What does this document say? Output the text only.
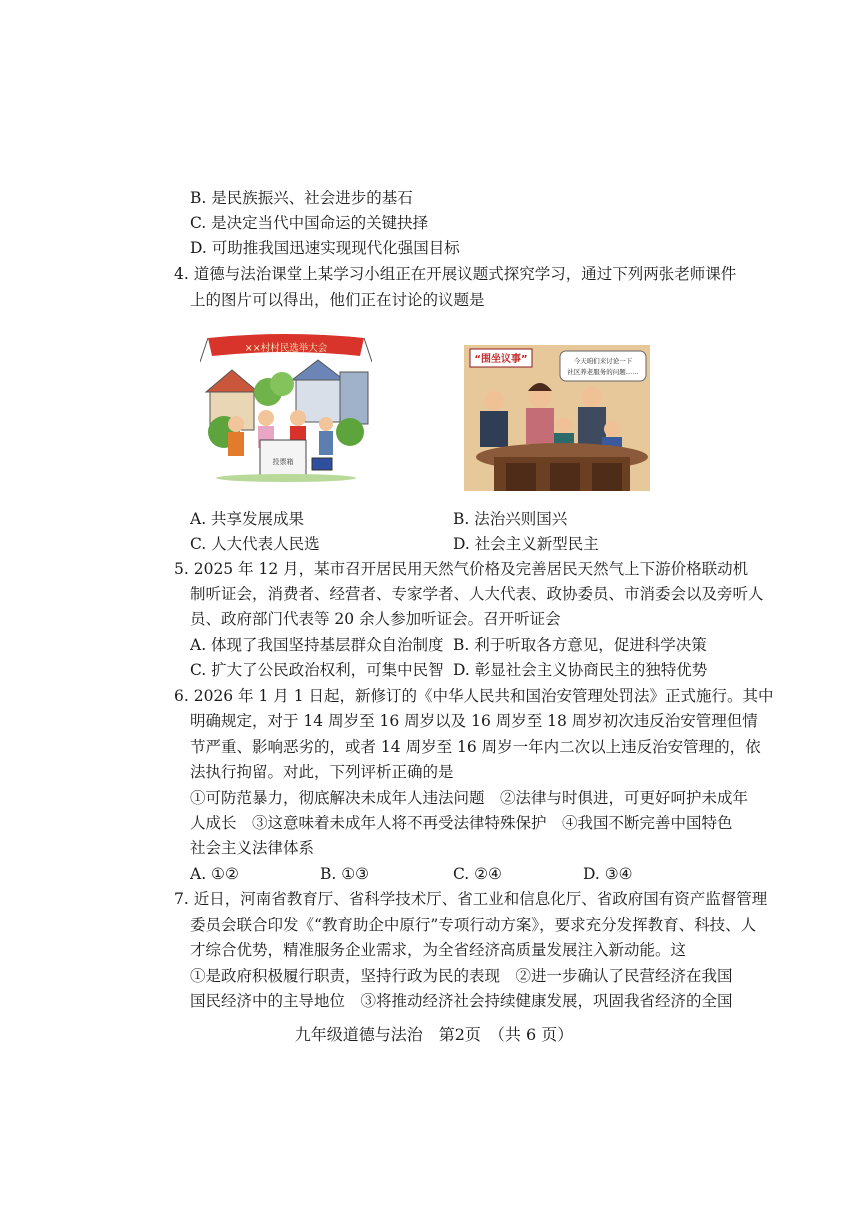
B. 是民族振兴、社会进步的基石
C. 是决定当代中国命运的关键抉择
D. 可助推我国迅速实现现代化强国目标
4. 道德与法治课堂上某学习小组正在开展议题式探究学习，通过下列两张老师课件
上的图片可以得出，他们正在讨论的议题是
××村村民选举大会
投票箱
“围坐议事”	今天咱们来讨论一下
社区养老服务的问题……
A. 共享发展成果	B. 法治兴则国兴
C. 人大代表人民选	D. 社会主义新型民主
5. 2025 年 12 月，某市召开居民用天然气价格及完善居民天然气上下游价格联动机
制听证会，消费者、经营者、专家学者、人大代表、政协委员、市消委会以及旁听人
员、政府部门代表等 20 余人参加听证会。召开听证会
A. 体现了我国坚持基层群众自治制度 B. 利于听取各方意见，促进科学决策
C. 扩大了公民政治权利，可集中民智 D. 彰显社会主义协商民主的独特优势
6. 2026 年 1 月 1 日起，新修订的《中华人民共和国治安管理处罚法》正式施行。其中
明确规定，对于 14 周岁至 16 周岁以及 16 周岁至 18 周岁初次违反治安管理但情
节严重、影响恶劣的，或者 14 周岁至 16 周岁一年内二次以上违反治安管理的，依
法执行拘留。对此，下列评析正确的是
①可防范暴力，彻底解决未成年人违法问题　②法律与时俱进，可更好呵护未成年
人成长　③这意味着未成年人将不再受法律特殊保护　④我国不断完善中国特色
社会主义法律体系
A. ①②	B. ①③	C. ②④	D. ③④
7. 近日，河南省教育厅、省科学技术厅、省工业和信息化厅、省政府国有资产监督管理
委员会联合印发《“教育助企中原行”专项行动方案》，要求充分发挥教育、科技、人
才综合优势，精准服务企业需求，为全省经济高质量发展注入新动能。这
①是政府积极履行职责，坚持行政为民的表现　②进一步确认了民营经济在我国
国民经济中的主导地位　③将推动经济社会持续健康发展，巩固我省经济的全国
九年级道德与法治　第2页　（共 6 页）
